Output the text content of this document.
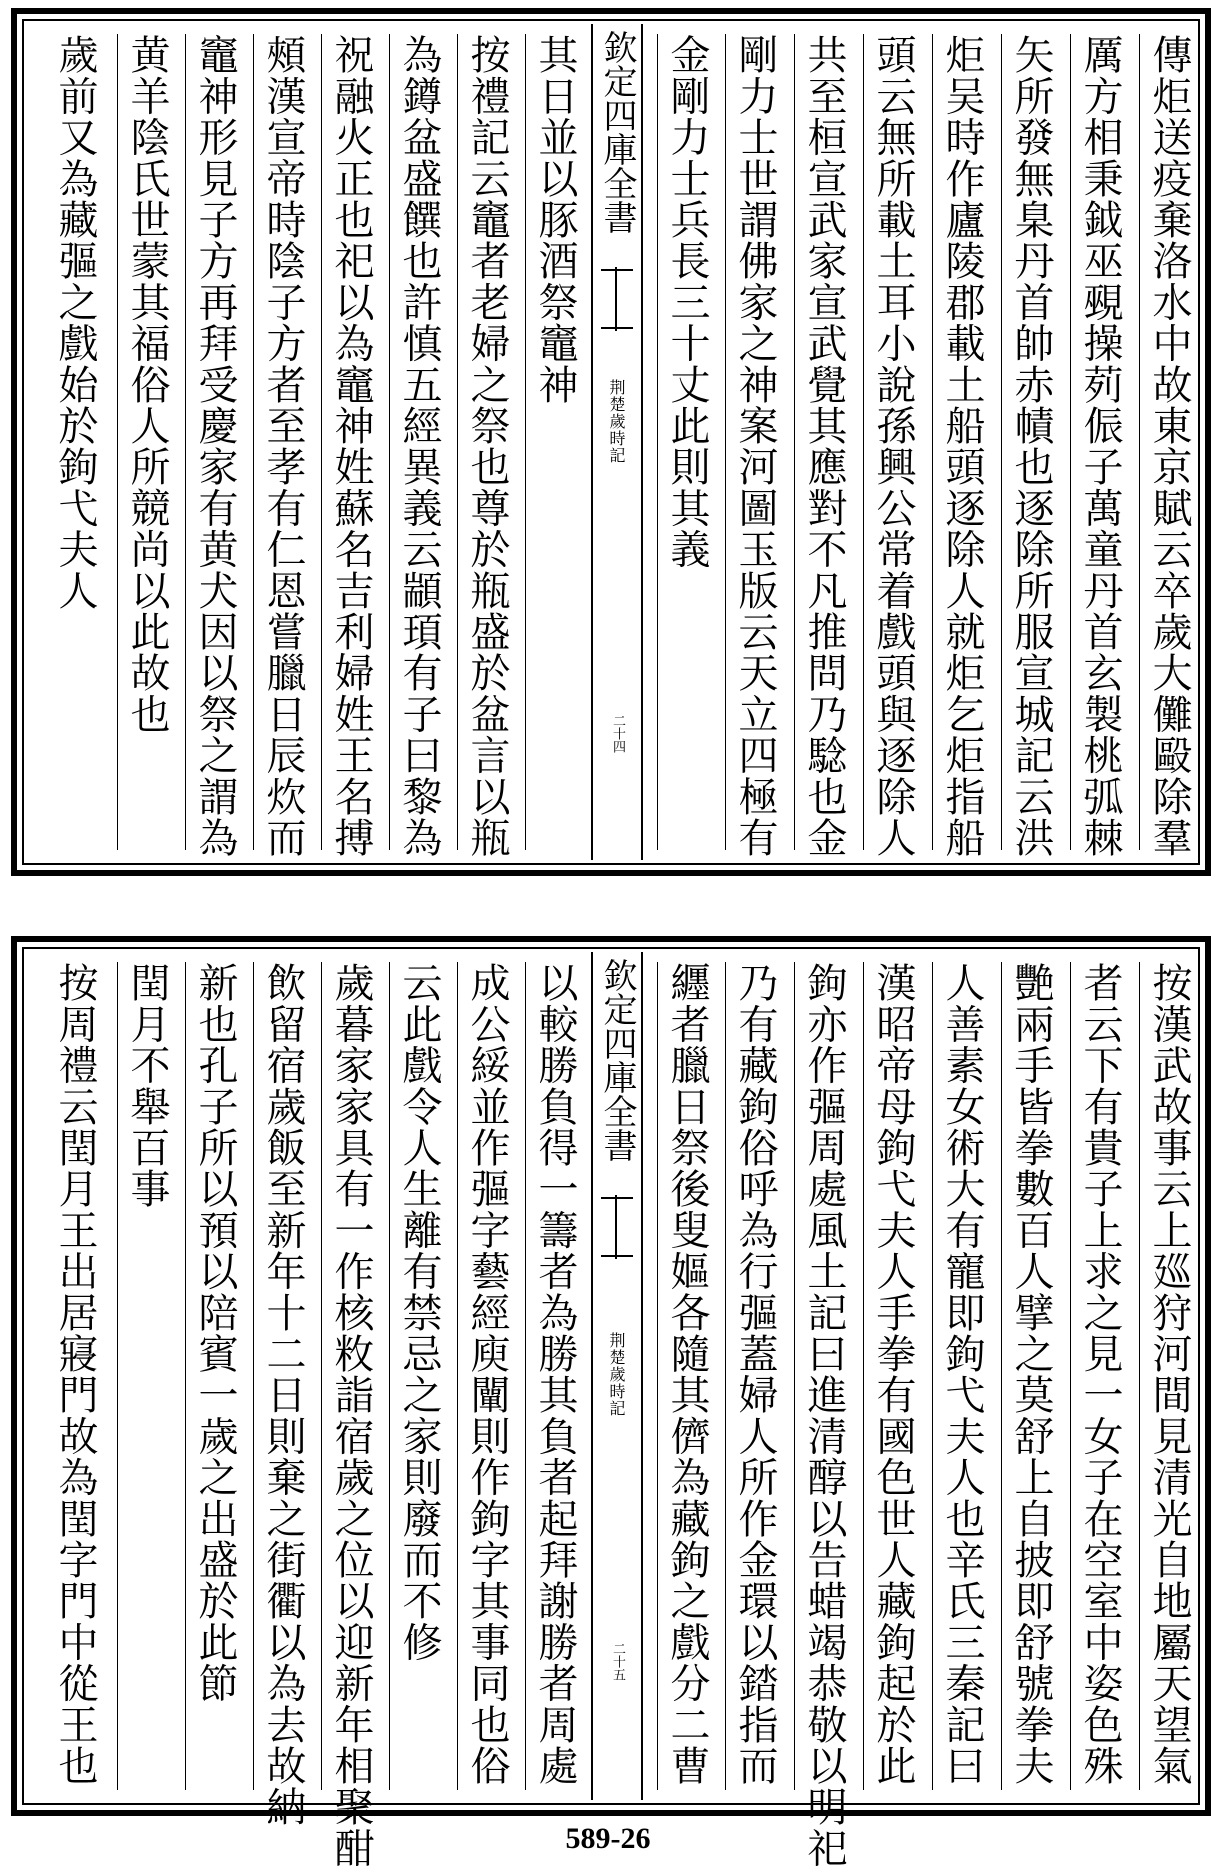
傳炬送疫棄洛水中故東京賦云卒歲大儺毆除羣
厲方相秉鉞巫覡操茢侲子萬童丹首玄製桃弧棘
矢所發無臬丹首帥赤幘也逐除所服宣城記云洪
炬吴時作廬陵郡載土船頭逐除人就炬乞炬指船
頭云無所載土耳小說孫興公常着戲頭與逐除人
共至桓宣武家宣武覺其應對不凡推問乃騐也金
剛力士世謂佛家之神案河圖玉版云天立四極有
金剛力士兵長三十丈此則其義
欽定四庫全書
荆楚歲時記
二十四
其日並以豚酒祭竈神
按禮記云竈者老婦之祭也尊於瓶盛於盆言以瓶
為鐏盆盛饌也許慎五經異義云顓頊有子曰黎為
祝融火正也祀以為竈神姓蘇名吉利婦姓王名搏
頰漢宣帝時陰子方者至孝有仁恩嘗臘日辰炊而
竈神形見子方再拜受慶家有黄犬因以祭之謂為
黄羊陰氏世蒙其福俗人所競尚以此故也
歲前又為藏彄之戲始於鉤弋夫人
按漢武故事云上廵狩河間見清光自地屬天望氣
者云下有貴子上求之見一女子在空室中姿色殊
艷兩手皆拳數百人擘之莫舒上自披即舒號拳夫
人善素女術大有寵即鉤弋夫人也辛氏三秦記曰
漢昭帝母鉤弋夫人手拳有國色世人藏鉤起於此
鉤亦作彄周處風土記曰進清醇以告蜡竭恭敬以明祀
乃有藏鉤俗呼為行彄蓋婦人所作金環以錔指而
纒者臘日祭後叟嫗各隨其儕為藏鉤之戲分二曹
欽定四庫全書
荆楚歲時記
二十五
以較勝負得一籌者為勝其負者起拜謝勝者周處
成公綏並作彄字藝經庾闡則作鉤字其事同也俗
云此戲令人生離有禁忌之家則廢而不修
歲暮家家具有一作核敉詣宿歲之位以迎新年相聚酣
飲留宿歲飯至新年十二日則棄之街衢以為去故納
新也孔子所以預以陪賓一歲之出盛於此節
閏月不舉百事
按周禮云閏月王出居寢門故為閏字門中從王也
589-26
